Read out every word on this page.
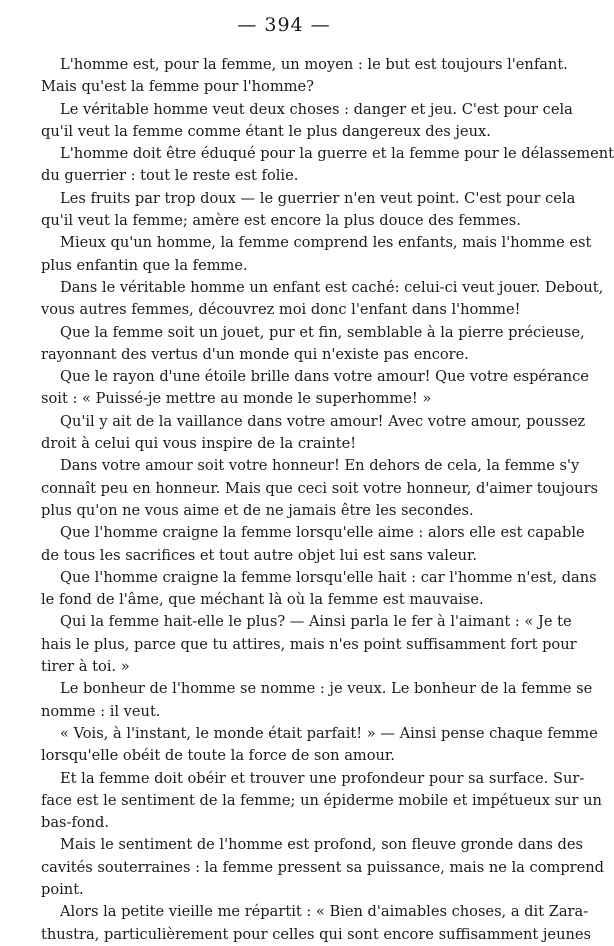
— 394 —

L'homme est, pour la femme, un moyen : le but est toujours l'enfant.
Mais qu'est la femme pour l'homme?

Le véritable homme veut deux choses : danger et jeu. C'est pour cela
qu'il veut la femme comme étant le plus dangereux des jeux.

L'homme doit être éduqué pour la guerre et la femme pour le délassement
du guerrier : tout le reste est folie.

Les fruits par trop doux — le guerrier n'en veut point. C'est pour cela
qu'il veut la femme; amère est encore la plus douce des femmes.

Mieux qu'un homme, la femme comprend les enfants, mais l'homme est
plus enfantin que la femme.

Dans le véritable homme un enfant est caché: celui-ci veut jouer. Debout,
vous autres femmes, découvrez moi donc l'enfant dans l'homme!

Que la femme soit un jouet, pur et fin, semblable à la pierre précieuse,
rayonnant des vertus d'un monde qui n'existe pas encore.

Que le rayon d'une étoile brille dans votre amour! Que votre espérance
soit : « Puissé-je mettre au monde le superhomme! »

Qu'il y ait de la vaillance dans votre amour! Avec votre amour, poussez
droit à celui qui vous inspire de la crainte!

Dans votre amour soit votre honneur! En dehors de cela, la femme s'y
connaît peu en honneur. Mais que ceci soit votre honneur, d'aimer toujours
plus qu'on ne vous aime et de ne jamais être les secondes.

Que l'homme craigne la femme lorsqu'elle aime : alors elle est capable
de tous les sacrifices et tout autre objet lui est sans valeur.

Que l'homme craigne la femme lorsqu'elle hait : car l'homme n'est, dans
le fond de l'âme, que méchant là où la femme est mauvaise.

Qui la femme hait-elle le plus? — Ainsi parla le fer à l'aimant : « Je te
hais le plus, parce que tu attires, mais n'es point suffisamment fort pour
tirer à toi. »

Le bonheur de l'homme se nomme : je veux. Le bonheur de la femme se
nomme : il veut.

« Vois, à l'instant, le monde était parfait! » — Ainsi pense chaque femme
lorsqu'elle obéit de toute la force de son amour.

Et la femme doit obéir et trouver une profondeur pour sa surface. Sur-
face est le sentiment de la femme; un épiderme mobile et impétueux sur un
bas-fond.

Mais le sentiment de l'homme est profond, son fleuve gronde dans des
cavités souterraines : la femme pressent sa puissance, mais ne la comprend
point.

Alors la petite vieille me répartit : « Bien d'aimables choses, a dit Zara-
thustra, particulièrement pour celles qui sont encore suffisamment jeunes
